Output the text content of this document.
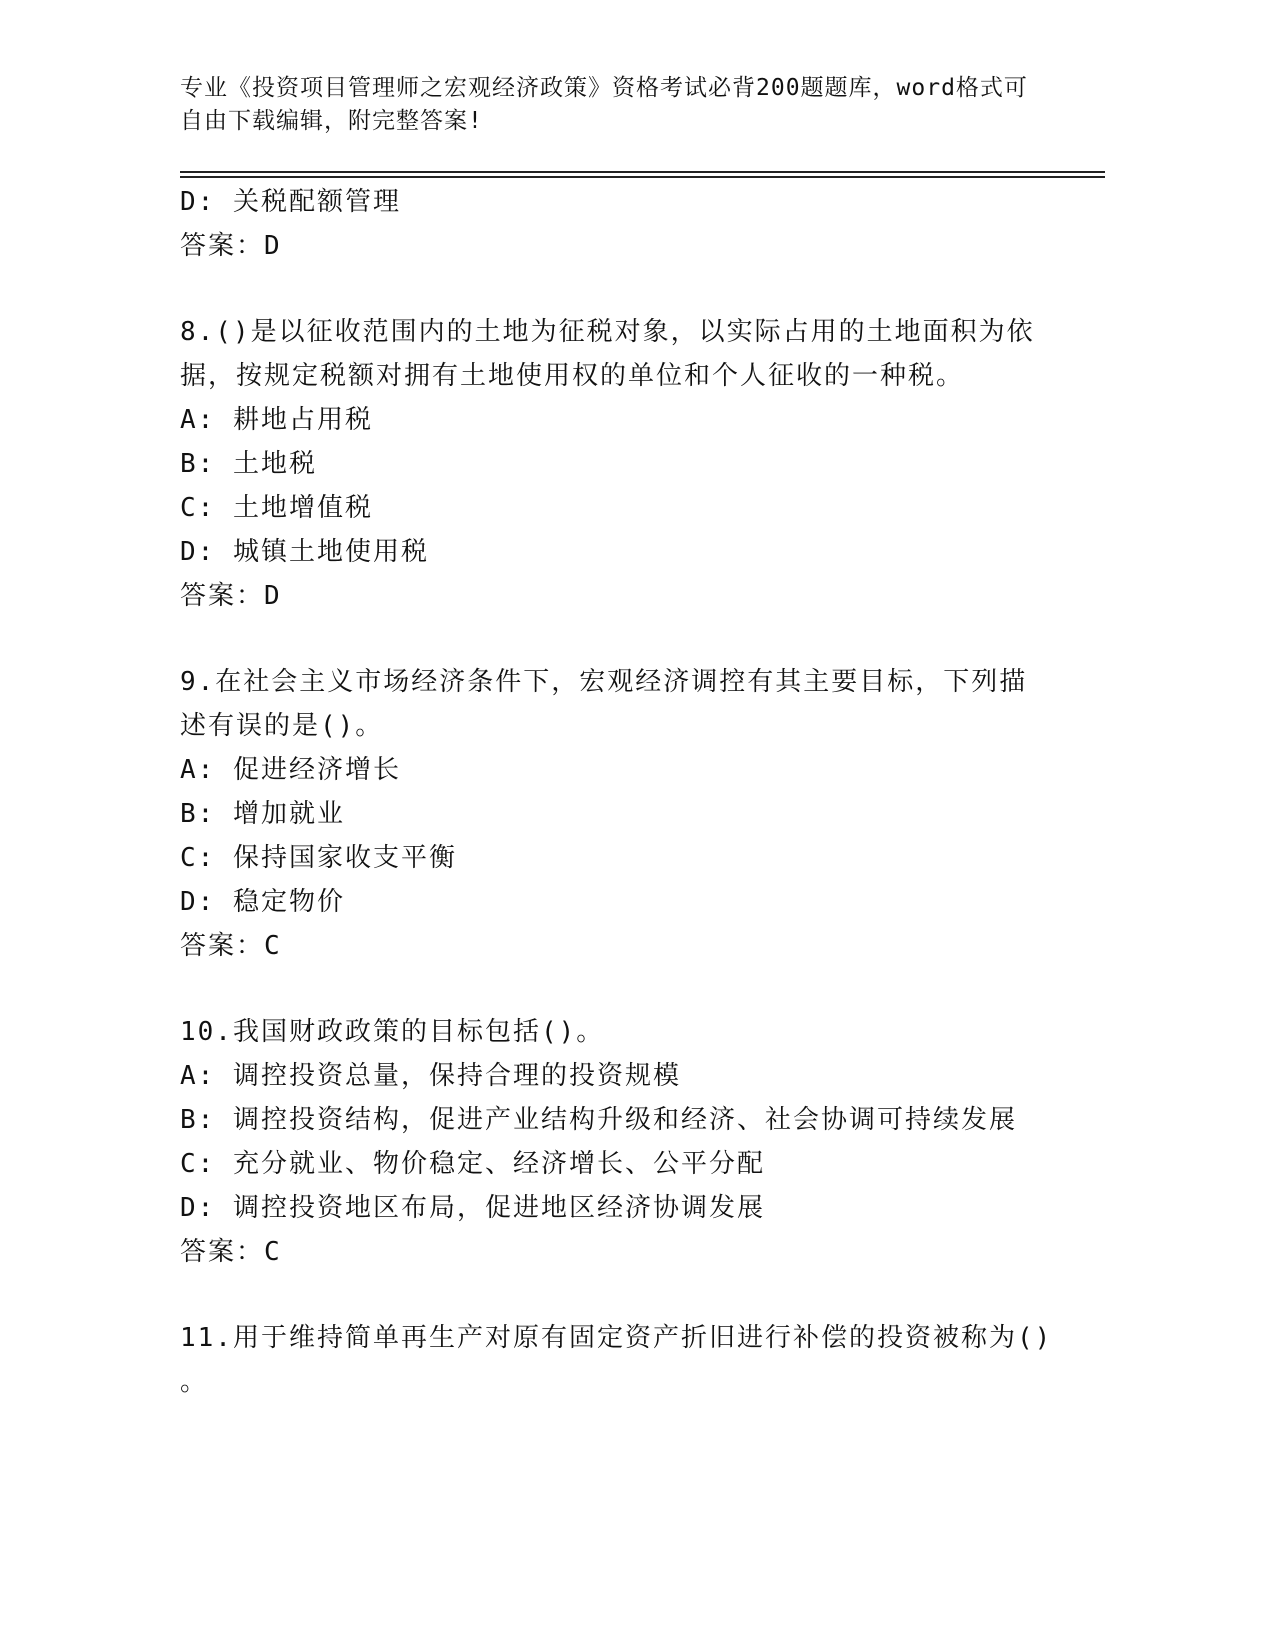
专业《投资项目管理师之宏观经济政策》资格考试必背200题题库，word格式可
自由下载编辑，附完整答案!
D: 关税配额管理
答案：D
8.()是以征收范围内的土地为征税对象，以实际占用的土地面积为依
据，按规定税额对拥有土地使用权的单位和个人征收的一种税。
A: 耕地占用税
B: 土地税
C: 土地增值税
D: 城镇土地使用税
答案：D
9.在社会主义市场经济条件下，宏观经济调控有其主要目标，下列描
述有误的是()。
A: 促进经济增长
B: 增加就业
C: 保持国家收支平衡
D: 稳定物价
答案：C
10.我国财政政策的目标包括()。
A: 调控投资总量，保持合理的投资规模
B: 调控投资结构，促进产业结构升级和经济、社会协调可持续发展
C: 充分就业、物价稳定、经济增长、公平分配
D: 调控投资地区布局，促进地区经济协调发展
答案：C
11.用于维持简单再生产对原有固定资产折旧进行补偿的投资被称为()
。
